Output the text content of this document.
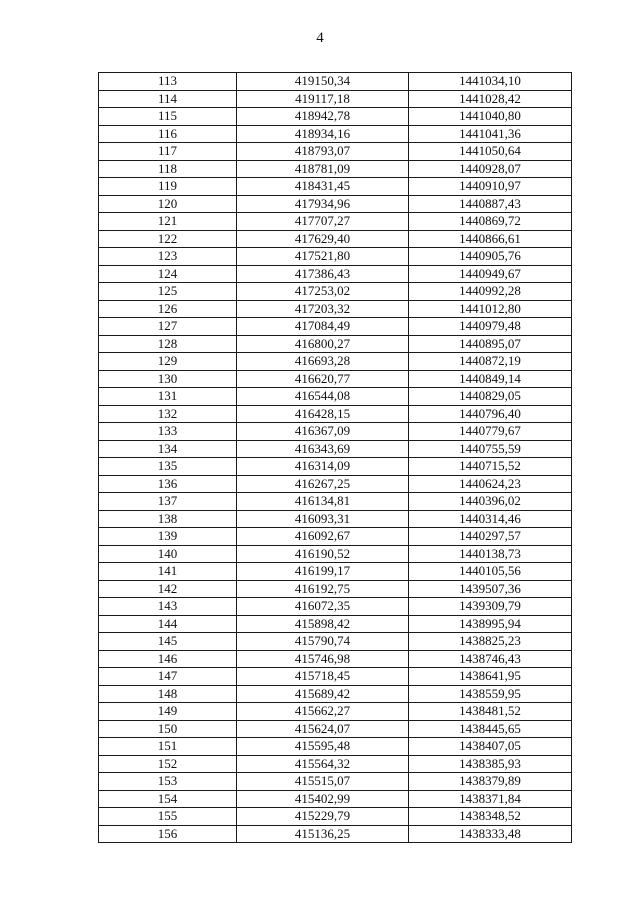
4
113	419150,34	1441034,10
114	419117,18	1441028,42
115	418942,78	1441040,80
116	418934,16	1441041,36
117	418793,07	1441050,64
118	418781,09	1440928,07
119	418431,45	1440910,97
120	417934,96	1440887,43
121	417707,27	1440869,72
122	417629,40	1440866,61
123	417521,80	1440905,76
124	417386,43	1440949,67
125	417253,02	1440992,28
126	417203,32	1441012,80
127	417084,49	1440979,48
128	416800,27	1440895,07
129	416693,28	1440872,19
130	416620,77	1440849,14
131	416544,08	1440829,05
132	416428,15	1440796,40
133	416367,09	1440779,67
134	416343,69	1440755,59
135	416314,09	1440715,52
136	416267,25	1440624,23
137	416134,81	1440396,02
138	416093,31	1440314,46
139	416092,67	1440297,57
140	416190,52	1440138,73
141	416199,17	1440105,56
142	416192,75	1439507,36
143	416072,35	1439309,79
144	415898,42	1438995,94
145	415790,74	1438825,23
146	415746,98	1438746,43
147	415718,45	1438641,95
148	415689,42	1438559,95
149	415662,27	1438481,52
150	415624,07	1438445,65
151	415595,48	1438407,05
152	415564,32	1438385,93
153	415515,07	1438379,89
154	415402,99	1438371,84
155	415229,79	1438348,52
156	415136,25	1438333,48
